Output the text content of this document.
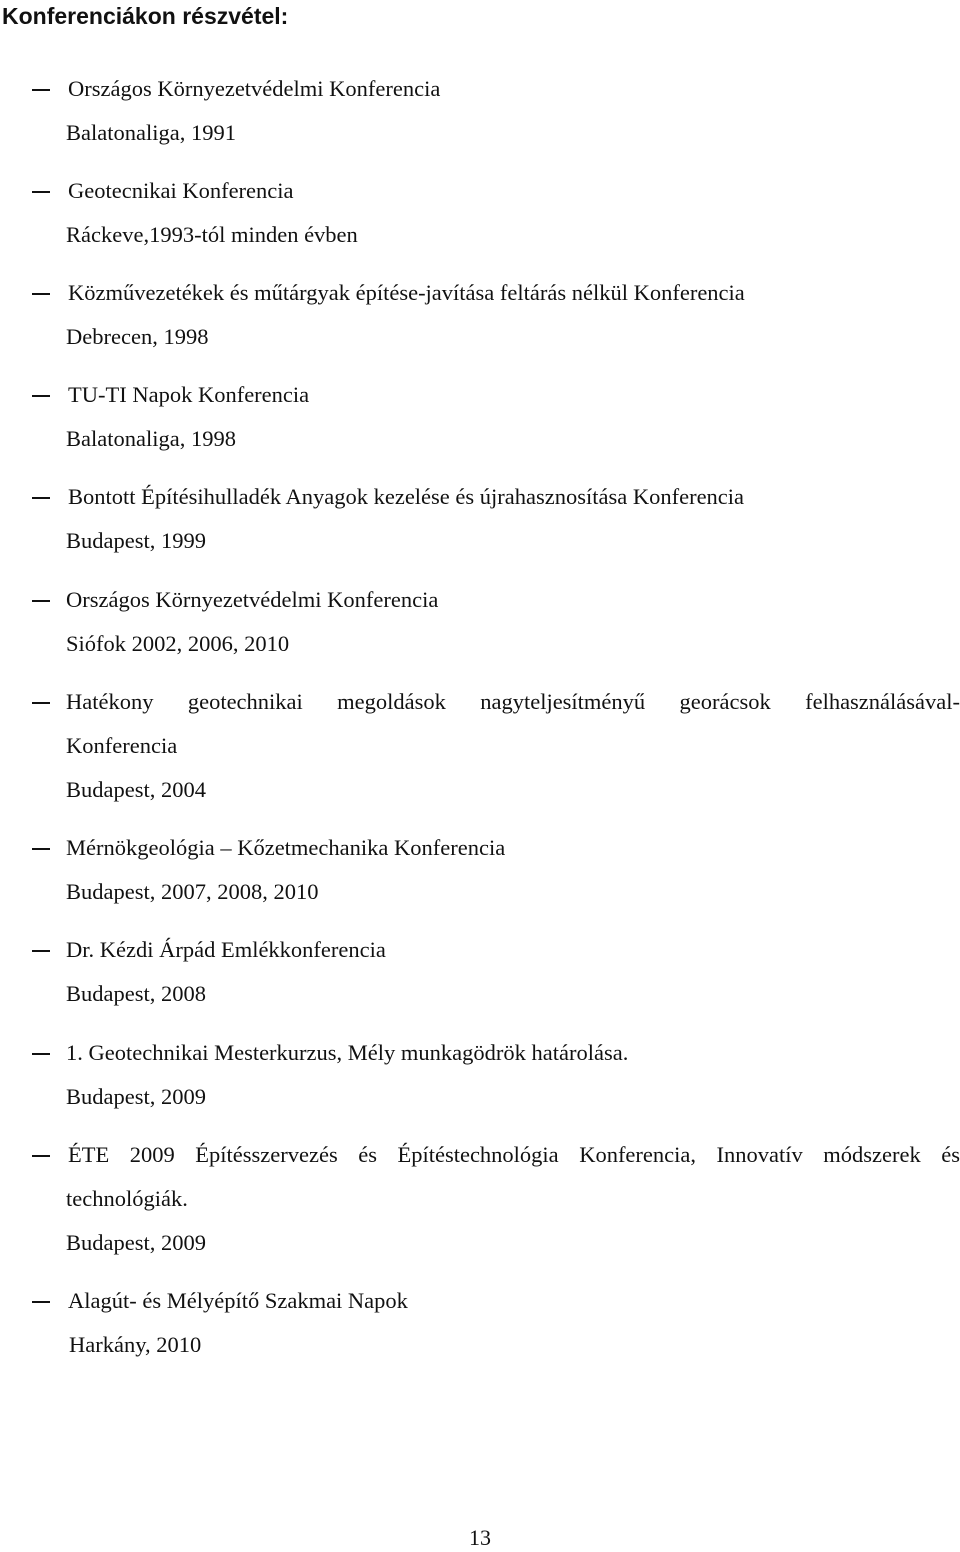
Konferenciákon részvétel:
Országos Környezetvédelmi Konferencia
Balatonaliga, 1991
Geotecnikai Konferencia
Ráckeve,1993-tól minden évben
Közművezetékek és műtárgyak építése-javítása feltárás nélkül Konferencia
Debrecen, 1998
TU-TI Napok Konferencia
Balatonaliga, 1998
Bontott Építésihulladék Anyagok kezelése és újrahasznosítása Konferencia
Budapest, 1999
Országos Környezetvédelmi Konferencia
Siófok 2002, 2006, 2010
Hatékony geotechnikai megoldások nagyteljesítményű georácsok felhasználásával-
Konferencia
Budapest, 2004
Mérnökgeológia – Kőzetmechanika Konferencia
Budapest, 2007, 2008, 2010
Dr. Kézdi Árpád Emlékkonferencia
Budapest, 2008
1. Geotechnikai Mesterkurzus, Mély munkagödrök határolása.
Budapest, 2009
ÉTE 2009 Építésszervezés és Építéstechnológia Konferencia, Innovatív módszerek és
technológiák.
Budapest, 2009
Alagút- és Mélyépítő Szakmai Napok
Harkány, 2010
13
